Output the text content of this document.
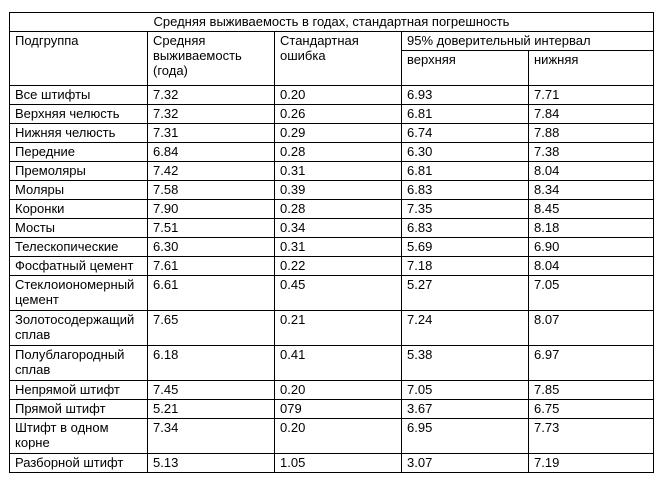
Средняя выживаемость в годах, стандартная погрешность				
Подгруппа	Средняя выживаемость (года)	Стандартная ошибка	95% доверительный интервал	
			верхняя	нижняя
Все штифты	7.32	0.20	6.93	7.71
Верхняя челюсть	7.32	0.26	6.81	7.84
Нижняя челюсть	7.31	0.29	6.74	7.88
Передние	6.84	0.28	6.30	7.38
Премоляры	7.42	0.31	6.81	8.04
Моляры	7.58	0.39	6.83	8.34
Коронки	7.90	0.28	7.35	8.45
Мосты	7.51	0.34	6.83	8.18
Телескопические	6.30	0.31	5.69	6.90
Фосфатный цемент	7.61	0.22	7.18	8.04
Стеклоиономерный цемент	6.61	0.45	5.27	7.05
Золотосодержащий сплав	7.65	0.21	7.24	8.07
Полублагородный сплав	6.18	0.41	5.38	6.97
Непрямой штифт	7.45	0.20	7.05	7.85
Прямой штифт	5.21	079	3.67	6.75
Штифт в одном корне	7.34	0.20	6.95	7.73
Разборной штифт	5.13	1.05	3.07	7.19
